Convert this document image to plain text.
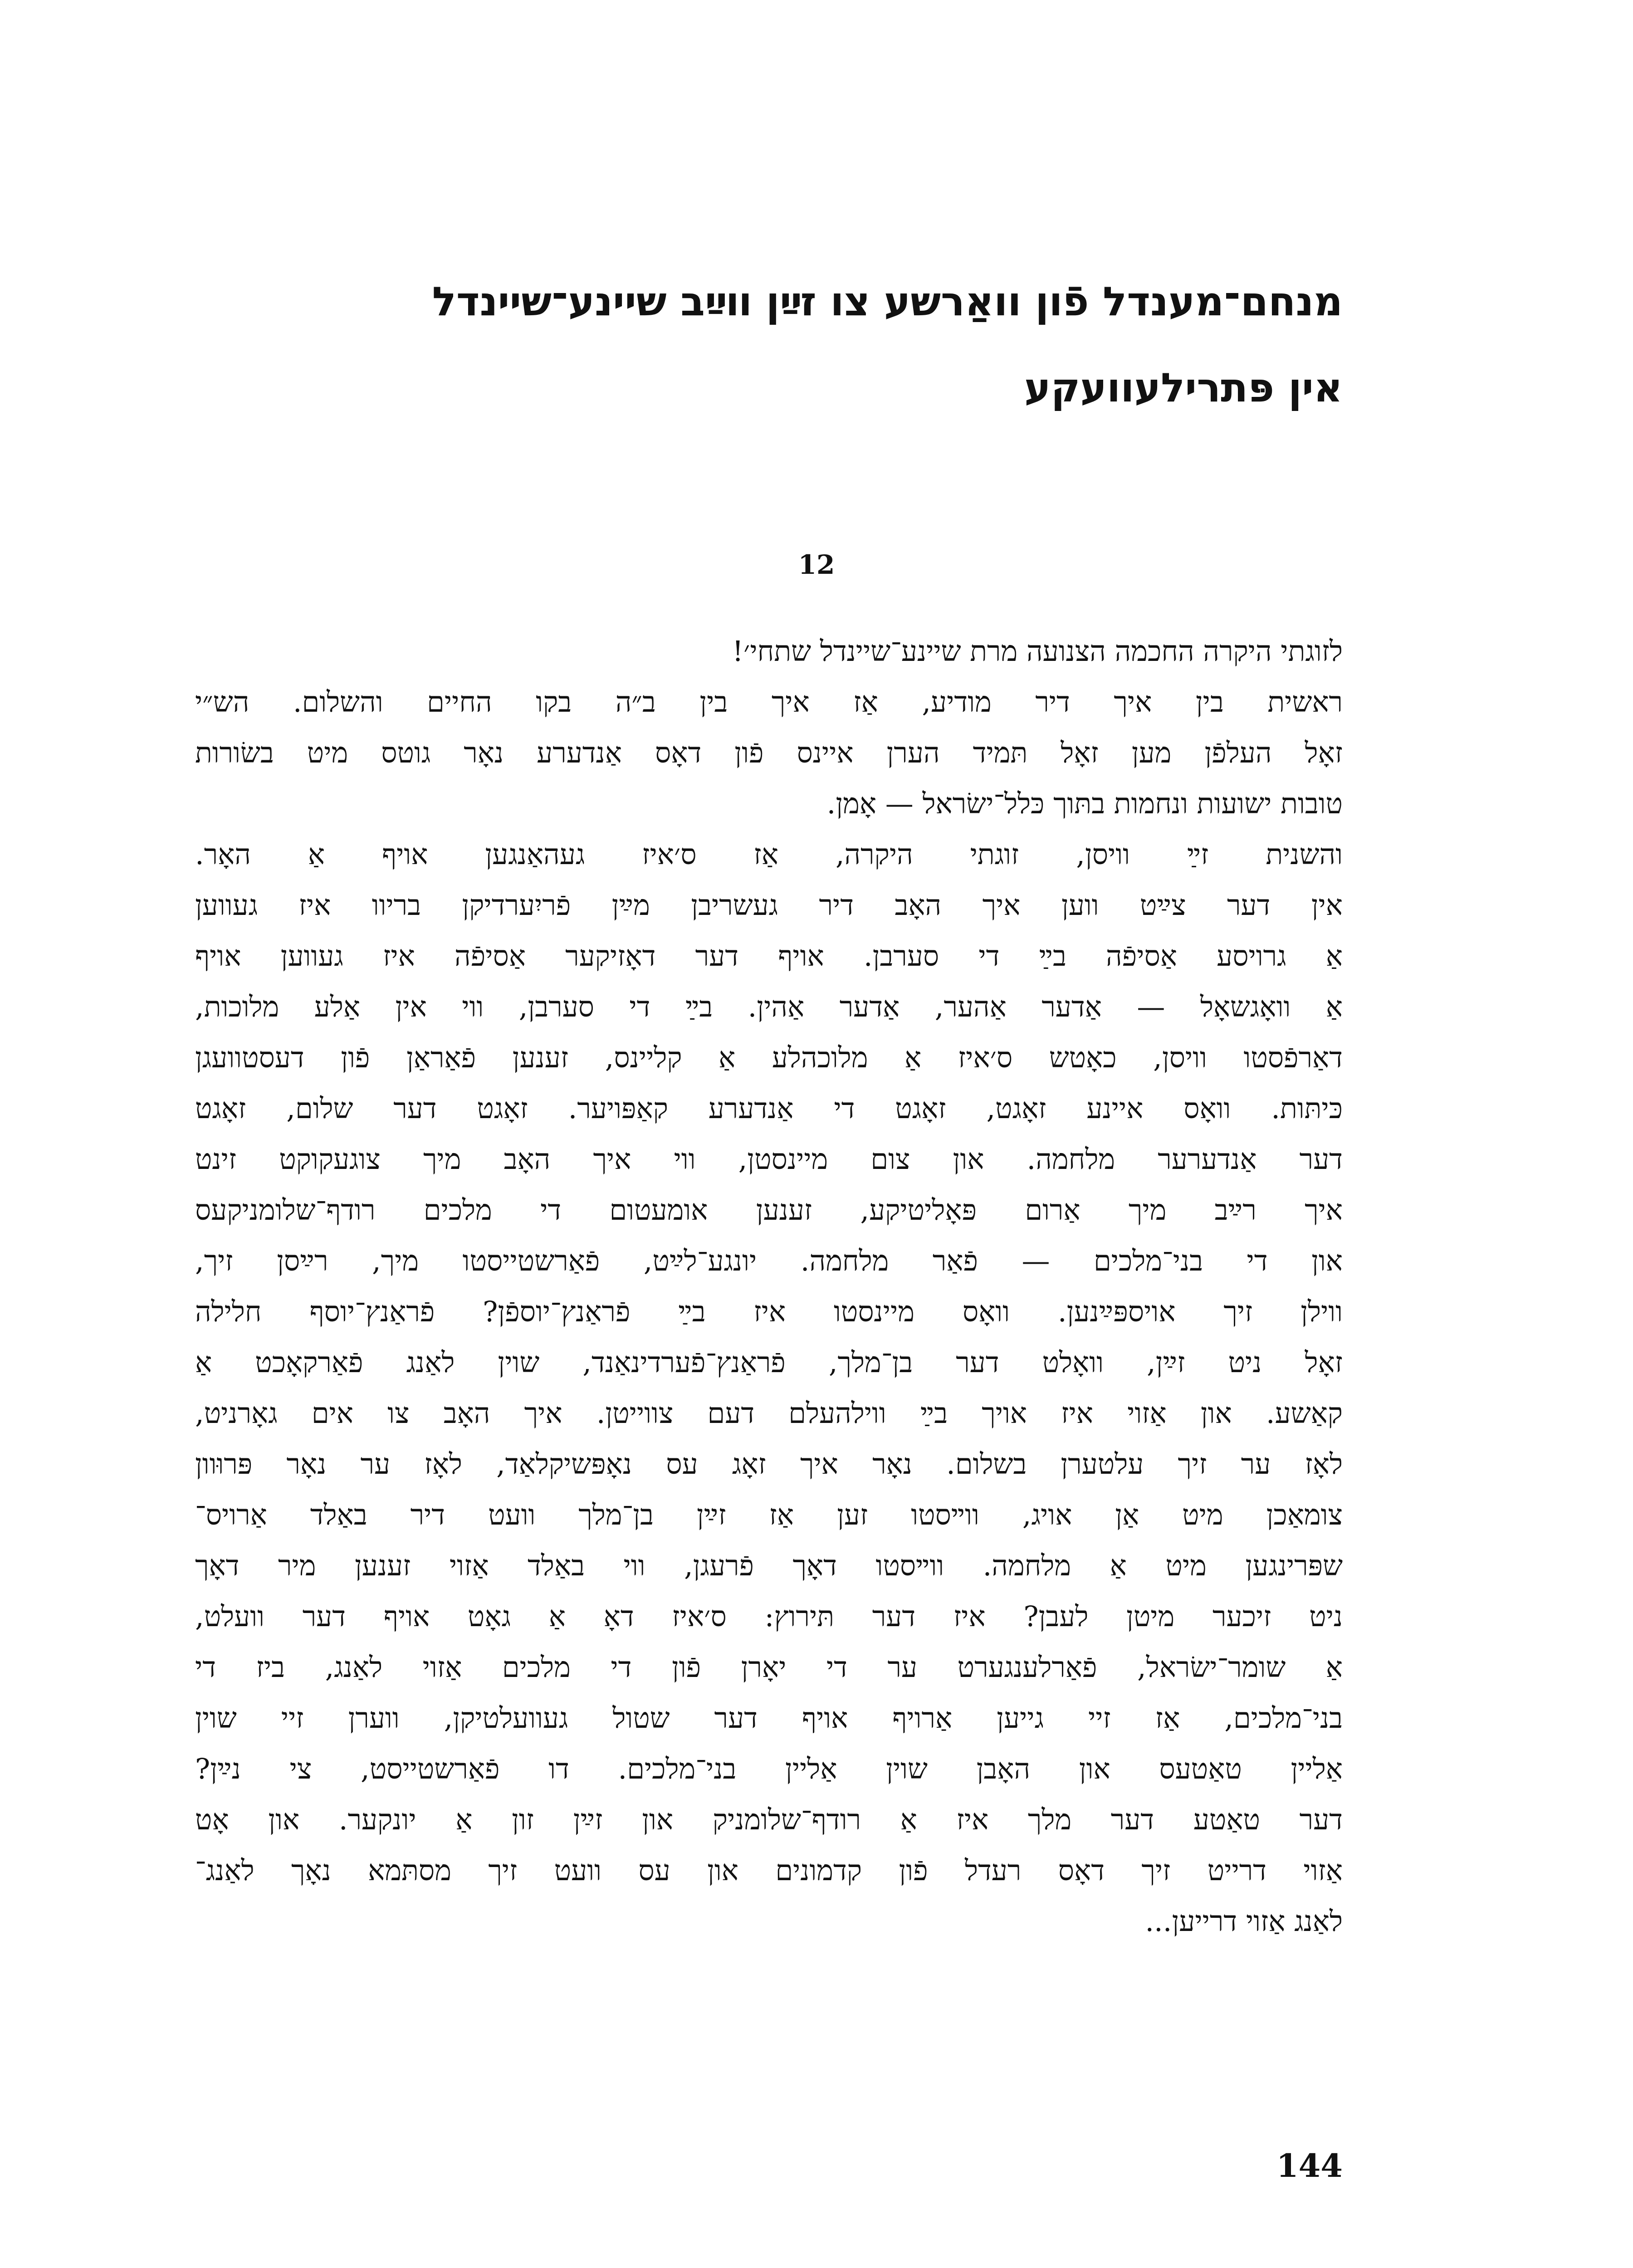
מנחם־מענדל פֿון וואַרשע צו זײַן װײַב שיינע־שיינדל
אין פּתרילעוועקע
12
לזוגתי היקרה החכמה הצנועה מרת שיינע־שיינדל שתחי׳!
ראשית בין איך דיר מודיע, אַז איך בין ב״ה בקו החיים והשלום. הש״י
זאָל העלפֿן מען זאָל תּמיד הערן איינס פֿון דאָס אַנדערע נאָר גוטס מיט בשׂורות
טובות ישועות ונחמות בתּוך כּלל־ישׂראל — אָמן.
והשנית זײַ וויסן, זוגתי היקרה, אַז ס׳איז געהאַנגען אויף אַ האָר.
אין דער צײַט ווען איך האָב דיר געשריבן מײַן פֿריִערדיקן בריוו איז געווען
אַ גרויסע אַסיפֿה בײַ די סערבן. אויף דער דאָזיקער אַסיפֿה איז געווען אויף
אַ וואָגשאָל — אַדער אַהער, אַדער אַהין. בײַ די סערבן, ווי אין אַלע מלוכות,
דאַרפֿסטו וויסן, כאָטש ס׳איז אַ מלוכהלע אַ קליינס, זענען פֿאַראַן פֿון דעסטוועגן
כּיתּות. וואָס איינע זאָגט, זאָגט די אַנדערע קאַפּויער. זאָגט דער שלום, זאָגט
דער אַנדערער מלחמה. און צום מיינסטן, ווי איך האָב מיך צוגעקוקט זינט
איך רײַב מיך אַרום פּאָליטיקע, זענען אומעטום די מלכים רודף־שלומניקעס
און די בני־מלכים — פֿאַר מלחמה. יונגע־לײַט, פֿאַרשטייסטו מיך, רײַסן זיך,
ווילן זיך אויספּײַנען. וואָס מיינסטו איז בײַ פֿראַנץ־יוספֿן? פֿראַנץ־יוסף חלילה
זאָל ניט זײַן, וואָלט דער בן־מלך, פֿראַנץ־פֿערדינאַנד, שוין לאַנג פֿאַרקאָכט אַ
קאַשע. און אַזוי איז אויך בײַ ווילהעלם דעם צווייטן. איך האָב צו אים גאָרניט,
לאָז ער זיך עלטערן בשלום. נאָר איך זאָג עס נאָפּשיקלאַד, לאָז ער נאָר פּרוּוון
צומאַכן מיט אַן אויג, ווײסטו זען אַז זײַן בן־מלך וועט דיר באַלד אַרויס־
שפּרינגען מיט אַ מלחמה. ווײסטו דאָך פֿרעגן, ווי באַלד אַזוי זענען מיר דאָך
ניט זיכער מיטן לעבן? איז דער תּירוץ: ס׳איז דאָ אַ גאָט אויף דער וועלט,
אַ שומר־ישׂראל, פֿאַרלענגערט ער די יאָרן פֿון די מלכים אַזוי לאַנג, ביז די
בני־מלכים, אַז זיי גייען אַרויף אויף דער שטול געוועלטיקן, ווערן זיי שוין
אַליין טאַטעס און האָבן שוין אַליין בני־מלכים. דו פֿאַרשטייסט, צי נײַן?
דער טאַטע דער מלך איז אַ רודף־שלומניק און זײַן זון אַ יונקער. און אָט
אַזוי דרייט זיך דאָס רעדל פֿון קדמונים און עס וועט זיך מסתּמא נאָך לאַנג־
לאַנג אַזוי דרייען...
144
